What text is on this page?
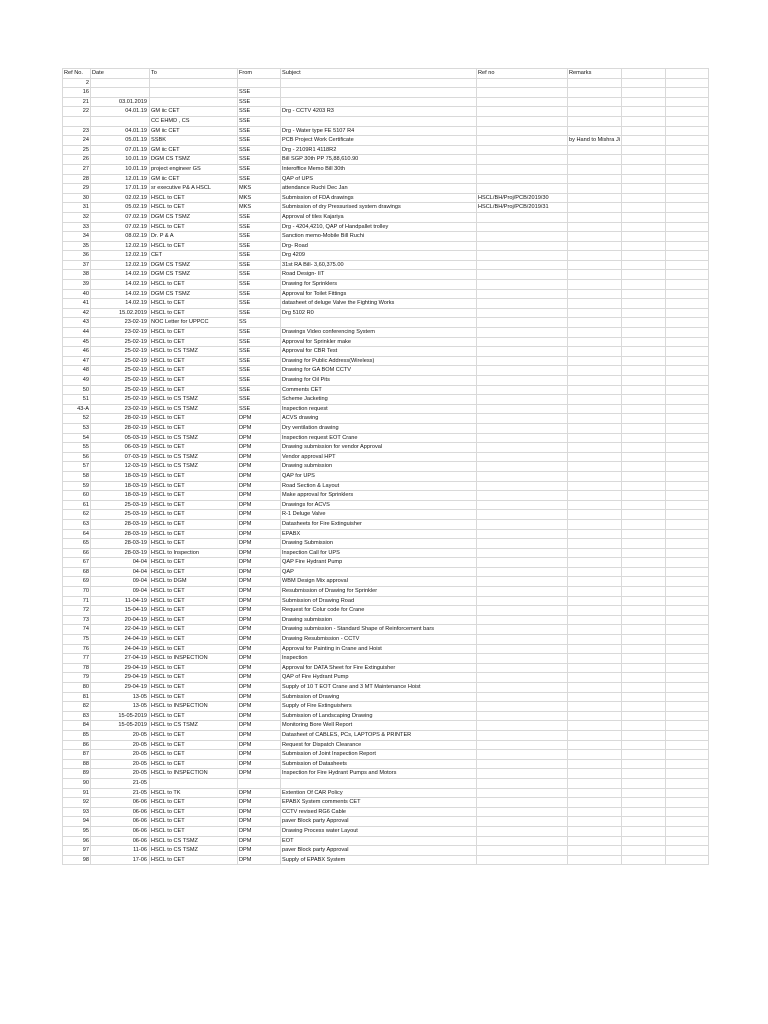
Ref No.	Date	To	From	Subject	Ref no	Remarks		
2								
16			SSE					
21	03.01.2019		SSE					
22	04.01.19	GM iic CET	SSE	Drg - CCTV 4203 R3				
		CC EHMD , CS	SSE					
23	04.01.19	GM iic CET	SSE	Drg - Water type FE 5107 R4				
24	05.01.19	SSBK	SSE	PCB Project Work Certificate		by Hand to Mishra Ji		
25	07.01.19	GM iic CET	SSE	Drg - 2109R1 4118R2				
26	10.01.19	DGM CS TSMZ	SSE	Bill SGP 30th PP 75,88,610.90				
27	10.01.19	project engineer GS	SSE	Interoffice Memo Bill 30th				
28	12.01.19	GM iic CET	SSE	QAP of UPS				
29	17.01.19	sr executive P& A HSCL	MKS	attendance Ruchi Dec Jan				
30	02.02.19	HSCL to CET	MKS	Submission of FDA drawings	HSCL/BH/Proj/PCB/2019/30			
31	05.02.19	HSCL to CET	MKS	Submission of dry Pressurised system drawings	HSCL/BH/Proj/PCB/2019/31			
32	07.02.19	DGM CS TSMZ	SSE	Approval of tiles Kajariya				
33	07.02.19	HSCL to CET	SSE	Drg - 4204,4210, QAP of Handpallet trolley				
34	08.02.19	Dr. P & A	SSE	Sanction memo-Mobile Bill Ruchi				
35	12.02.19	HSCL to CET	SSE	Drg- Road				
36	12.02.19	CET	SSE	Drg 4209				
37	12.02.19	DGM CS TSMZ	SSE	31st RA Bill- 3,60,375.00				
38	14.02.19	DGM CS TSMZ	SSE	Road Design- IIT				
39	14.02.19	HSCL to CET	SSE	Drawing for Sprinklers				
40	14.02.19	DGM CS TSMZ	SSE	Approval for Toilet Fittings				
41	14.02.19	HSCL to CET	SSE	datasheet of deluge Valve the Fighting Works				
42	15.02.2019	HSCL to CET	SSE	Drg 5102 R0				
43	23-02-19	NOC Letter for UPPCC	SS					
44	23-02-19	HSCL to CET	SSE	Drawings Video conferencing System				
45	25-02-19	HSCL to CET	SSE	Approval for Sprinkler make				
46	25-02-19	HSCL to CS TSMZ	SSE	Approval for CBR Test				
47	25-02-19	HSCL to CET	SSE	Drawing for Public Address(Wireless)				
48	25-02-19	HSCL to CET	SSE	Drawing for GA BOM CCTV				
49	25-02-19	HSCL to CET	SSE	Drawing for Oil Pits				
50	25-02-19	HSCL to CET	SSE	Comments CET				
51	25-02-19	HSCL to CS TSMZ	SSE	Scheme Jacketing				
43-A	23-02-19	HSCL to CS TSMZ	SSE	Inspection request				
52	28-02-19	HSCL to CET	DPM	ACVS drawing				
53	28-02-19	HSCL to CET	DPM	Dry ventilation drawing				
54	05-03-19	HSCL to CS TSMZ	DPM	Inspection request EOT Crane				
55	06-03-19	HSCL to CET	DPM	Drawing submission for vendor Approval				
56	07-03-19	HSCL to CS TSMZ	DPM	Vendor approval HPT				
57	12-03-19	HSCL to CS TSMZ	DPM	Drawing submission				
58	18-03-19	HSCL to CET	DPM	QAP for UPS				
59	18-03-19	HSCL to CET	DPM	Road Section & Layout				
60	18-03-19	HSCL to CET	DPM	Make approval for Sprinklers				
61	25-03-19	HSCL to CET	DPM	Drawings for ACVS				
62	25-03-19	HSCL to CET	DPM	R-1 Deluge Valve				
63	28-03-19	HSCL to CET	DPM	Datasheets for Fire Extinguisher				
64	28-03-19	HSCL to CET	DPM	EPABX				
65	28-03-19	HSCL to CET	DPM	Drawing Submission				
66	28-03-19	HSCL to Inspection	DPM	Inspection Call for UPS				
67	04-04	HSCL to CET	DPM	QAP Fire Hydrant Pump				
68	04-04	HSCL to CET	DPM	QAP				
69	09-04	HSCL to DGM	DPM	WBM Design Mix approval				
70	09-04	HSCL to CET	DPM	Resubmission of Drawing for Sprinkler				
71	11-04-19	HSCL to CET	DPM	Submission of Drawing Road				
72	15-04-19	HSCL to CET	DPM	Request for Colur code for Crane				
73	20-04-19	HSCL to CET	DPM	Drawing submission				
74	22-04-19	HSCL to CET	DPM	Drawing submission - Standard Shape of Reinforcement bars				
75	24-04-19	HSCL to CET	DPM	Drawing Resubmission - CCTV				
76	24-04-19	HSCL to CET	DPM	Approval for Painting in Crane and Hoist				
77	27-04-19	HSCL to INSPECTION	DPM	Inspection				
78	29-04-19	HSCL to CET	DPM	Approval for DATA Sheet for Fire Extinguisher				
79	29-04-19	HSCL to CET	DPM	QAP of Fire Hydrant Pump				
80	29-04-19	HSCL to CET	DPM	Supply of 10 T EOT Crane and 3 MT Maintenance Hoist				
81	13-05	HSCL to CET	DPM	Submission of Drawing				
82	13-05	HSCL to INSPECTION	DPM	Supply of Fire Extinguishers				
83	15-05-2019	HSCL to CET	DPM	Submission of Landscaping Drawing				
84	15-05-2019	HSCL to CS TSMZ	DPM	Monitoring Bore Well Report				
85	20-05	HSCL to CET	DPM	Datasheet of CABLES, PCs, LAPTOPS & PRINTER				
86	20-05	HSCL to CET	DPM	Request for Dispatch Clearance				
87	20-05	HSCL to CET	DPM	Submission of Joint Inspection Report				
88	20-05	HSCL to CET	DPM	Submission of Datasheets				
89	20-05	HSCL to INSPECTION	DPM	Inspection for Fire Hydrant Pumps and Motors				
90	21-05							
91	21-05	HSCL to TK	DPM	Extention Of CAR Policy				
92	06-06	HSCL to CET	DPM	EPABX System comments CET				
93	06-06	HSCL to CET	DPM	CCTV revised RG6 Cable				
94	06-06	HSCL to CET	DPM	paver Block party Approval				
95	06-06	HSCL to CET	DPM	Drawing Process water Layout				
96	06-06	HSCL to CS TSMZ	DPM	EOT				
97	11-06	HSCL to CS TSMZ	DPM	paver Block party Approval				
98	17-06	HSCL to CET	DPM	Supply of EPABX System				
